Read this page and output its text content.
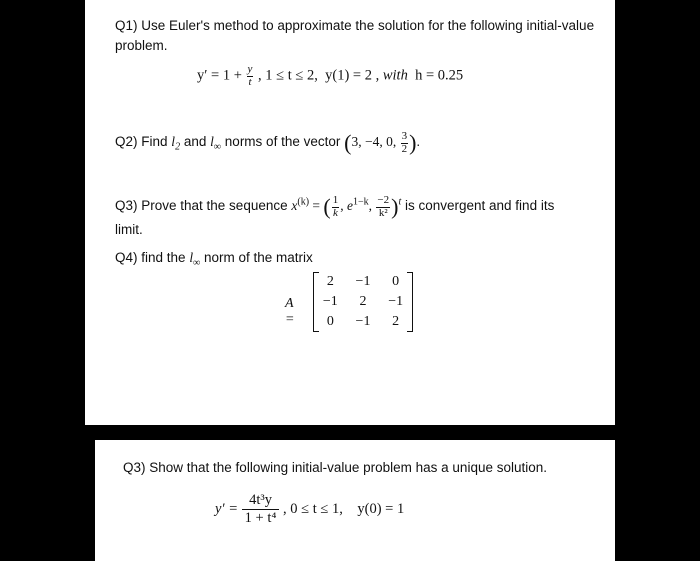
Q1) Use Euler's method to approximate the solution for the following initial-value
problem.
$y' = 1 + \frac{y}{t}$ , 1 ≤ t ≤ 2, y(1) = 2 , with h = 0.25
Q2) Find $l_2$ and $l_\infty$ norms of the vector (3, −4, 0, $\frac{3}{2}$ ).
Q3) Prove that the sequence $x^{(k)}$ = ( $\frac{1}{k}$ , $e^{1-k}$, $\frac{-2}{\text{k²}} )^t$ is convergent and find its
limit.
Q4) find the $l_\infty$ norm of the matrix
A =
2	−1	0
−1	2	−1
0	−1	2
Q3) Show that the following initial-value problem has a unique solution.
$y' = \frac{\text{4t³y}}{\text{1 + t⁴}}$ , 0 ≤ t ≤ 1, y(0) = 1
